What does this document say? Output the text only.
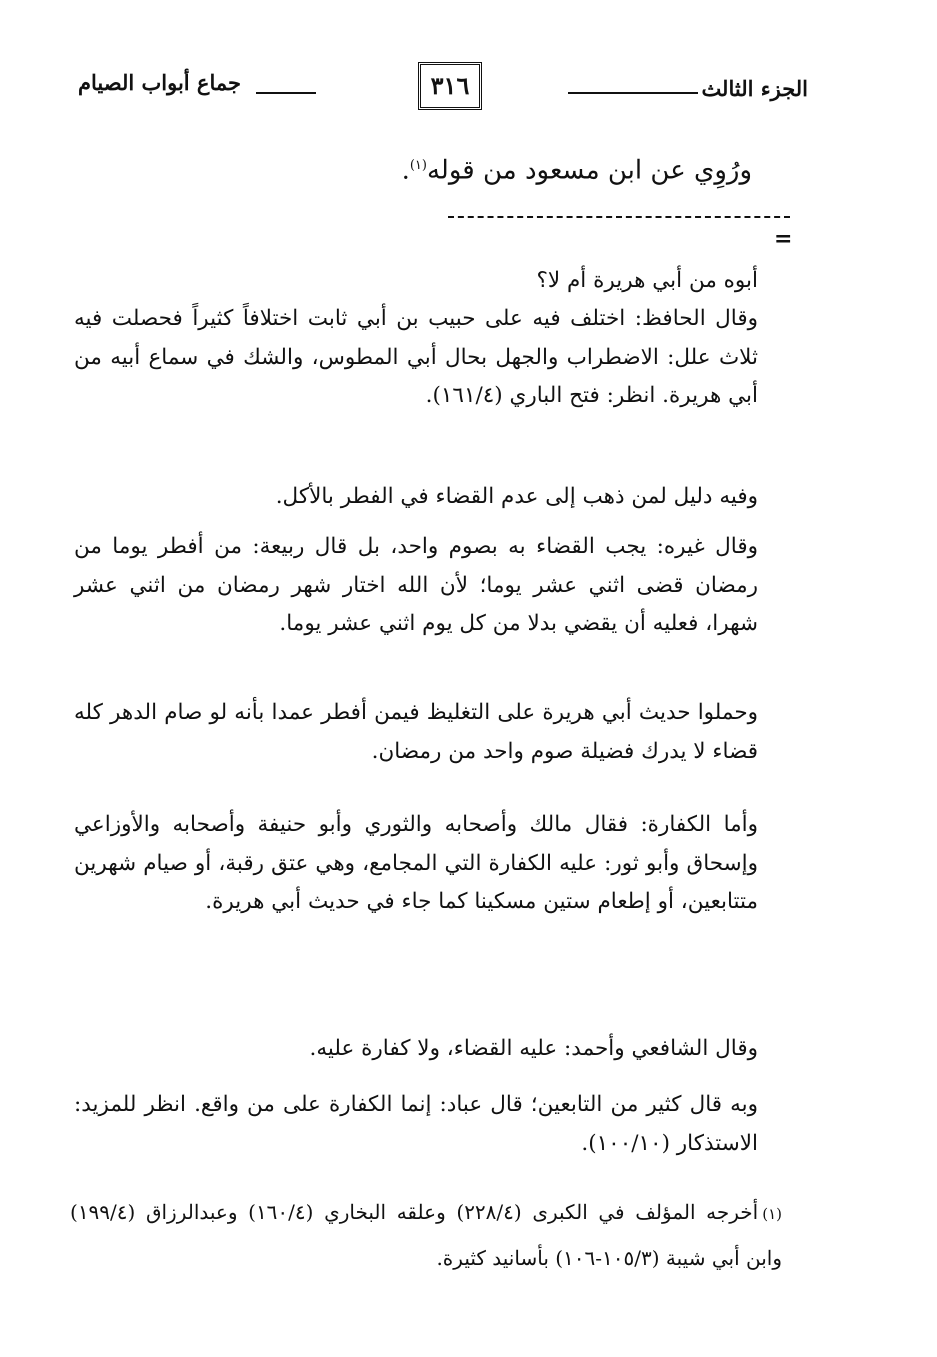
الجزء الثالث
٣١٦
جماع أبواب الصيام
ورُوِي عن ابن مسعود من قوله$^{(١)}$.
=
أبوه من أبي هريرة أم لا؟
وقال الحافظ: اختلف فيه على حبيب بن أبي ثابت اختلافاً كثيراً فحصلت فيه ثلاث علل: الاضطراب والجهل بحال أبي المطوس، والشك في سماع أبيه من أبي هريرة. انظر: فتح الباري (١٦١/٤).
وفيه دليل لمن ذهب إلى عدم القضاء في الفطر بالأكل.
وقال غيره: يجب القضاء به بصوم واحد، بل قال ربيعة: من أفطر يوما من رمضان قضى اثني عشر يوما؛ لأن الله اختار شهر رمضان من اثني عشر شهرا، فعليه أن يقضي بدلا من كل يوم اثني عشر يوما.
وحملوا حديث أبي هريرة على التغليظ فيمن أفطر عمدا بأنه لو صام الدهر كله قضاء لا يدرك فضيلة صوم واحد من رمضان.
وأما الكفارة: فقال مالك وأصحابه والثوري وأبو حنيفة وأصحابه والأوزاعي وإسحاق وأبو ثور: عليه الكفارة التي المجامع، وهي عتق رقبة، أو صيام شهرين متتابعين، أو إطعام ستين مسكينا كما جاء في حديث أبي هريرة.
وقال الشافعي وأحمد: عليه القضاء، ولا كفارة عليه.
وبه قال كثير من التابعين؛ قال عباد: إنما الكفارة على من واقع. انظر للمزيد: الاستذكار (١٠٠/١٠).
(١)أخرجه المؤلف في الكبرى (٢٢٨/٤) وعلقه البخاري (١٦٠/٤) وعبدالرزاق (١٩٩/٤) وابن أبي شيبة (١٠٥/٣-١٠٦) بأسانيد كثيرة.
